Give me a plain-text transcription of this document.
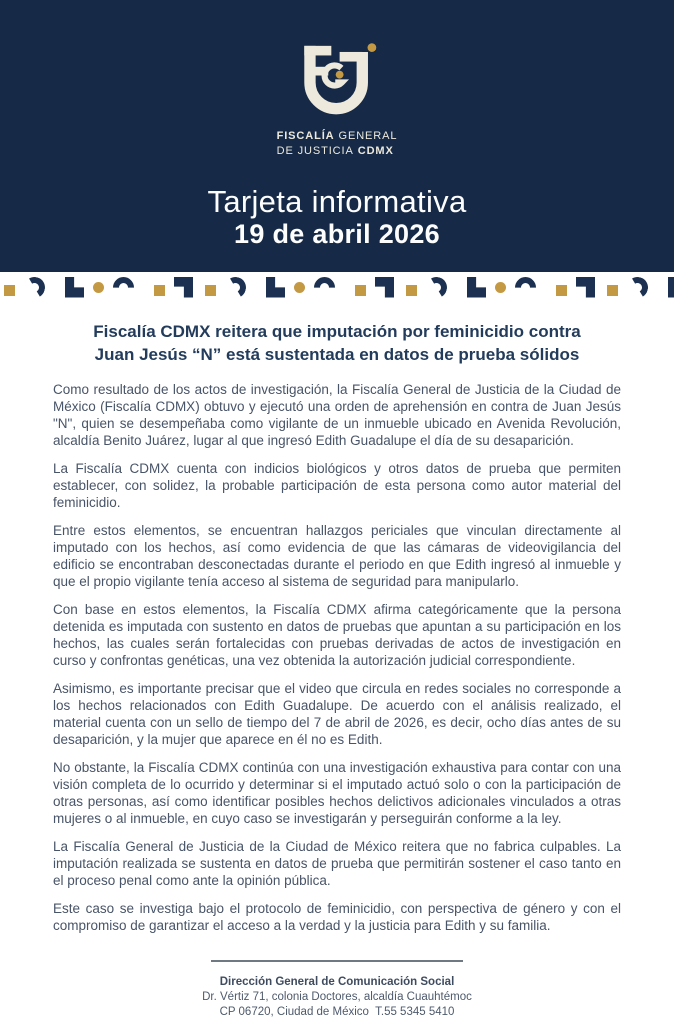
FISCALÍA GENERAL
DE JUSTICIA CDMX
Tarjeta informativa
19 de abril 2026
Fiscalía CDMX reitera que imputación por feminicidio contra
Juan Jesús “N” está sustentada en datos de prueba sólidos

Como resultado de los actos de investigación, la Fiscalía General de Justicia de la Ciudad de México (Fiscalía CDMX) obtuvo y ejecutó una orden de aprehensión en contra de Juan Jesús "N", quien se desempeñaba como vigilante de un inmueble ubicado en Avenida Revolución, alcaldía Benito Juárez, lugar al que ingresó Edith Guadalupe el día de su desaparición.

La Fiscalía CDMX cuenta con indicios biológicos y otros datos de prueba que permiten establecer, con solidez, la probable participación de esta persona como autor material del feminicidio.

Entre estos elementos, se encuentran hallazgos periciales que vinculan directamente al imputado con los hechos, así como evidencia de que las cámaras de videovigilancia del edificio se encontraban desconectadas durante el periodo en que Edith ingresó al inmueble y que el propio vigilante tenía acceso al sistema de seguridad para manipularlo.

Con base en estos elementos, la Fiscalía CDMX afirma categóricamente que la persona detenida es imputada con sustento en datos de pruebas que apuntan a su participación en los hechos, las cuales serán fortalecidas con pruebas derivadas de actos de investigación en curso y confrontas genéticas, una vez obtenida la autorización judicial correspondiente.

Asimismo, es importante precisar que el video que circula en redes sociales no corresponde a los hechos relacionados con Edith Guadalupe. De acuerdo con el análisis realizado, el material cuenta con un sello de tiempo del 7 de abril de 2026, es decir, ocho días antes de su desaparición, y la mujer que aparece en él no es Edith.

No obstante, la Fiscalía CDMX continúa con una investigación exhaustiva para contar con una visión completa de lo ocurrido y determinar si el imputado actuó solo o con la participación de otras personas, así como identificar posibles hechos delictivos adicionales vinculados a otras mujeres o al inmueble, en cuyo caso se investigarán y perseguirán conforme a la ley.

La Fiscalía General de Justicia de la Ciudad de México reitera que no fabrica culpables. La imputación realizada se sustenta en datos de prueba que permitirán sostener el caso tanto en el proceso penal como ante la opinión pública.

Este caso se investiga bajo el protocolo de feminicidio, con perspectiva de género y con el compromiso de garantizar el acceso a la verdad y la justicia para Edith y su familia.

Dirección General de Comunicación Social
Dr. Vértiz 71, colonia Doctores, alcaldía Cuauhtémoc
CP 06720, Ciudad de México  T.55 5345 5410
